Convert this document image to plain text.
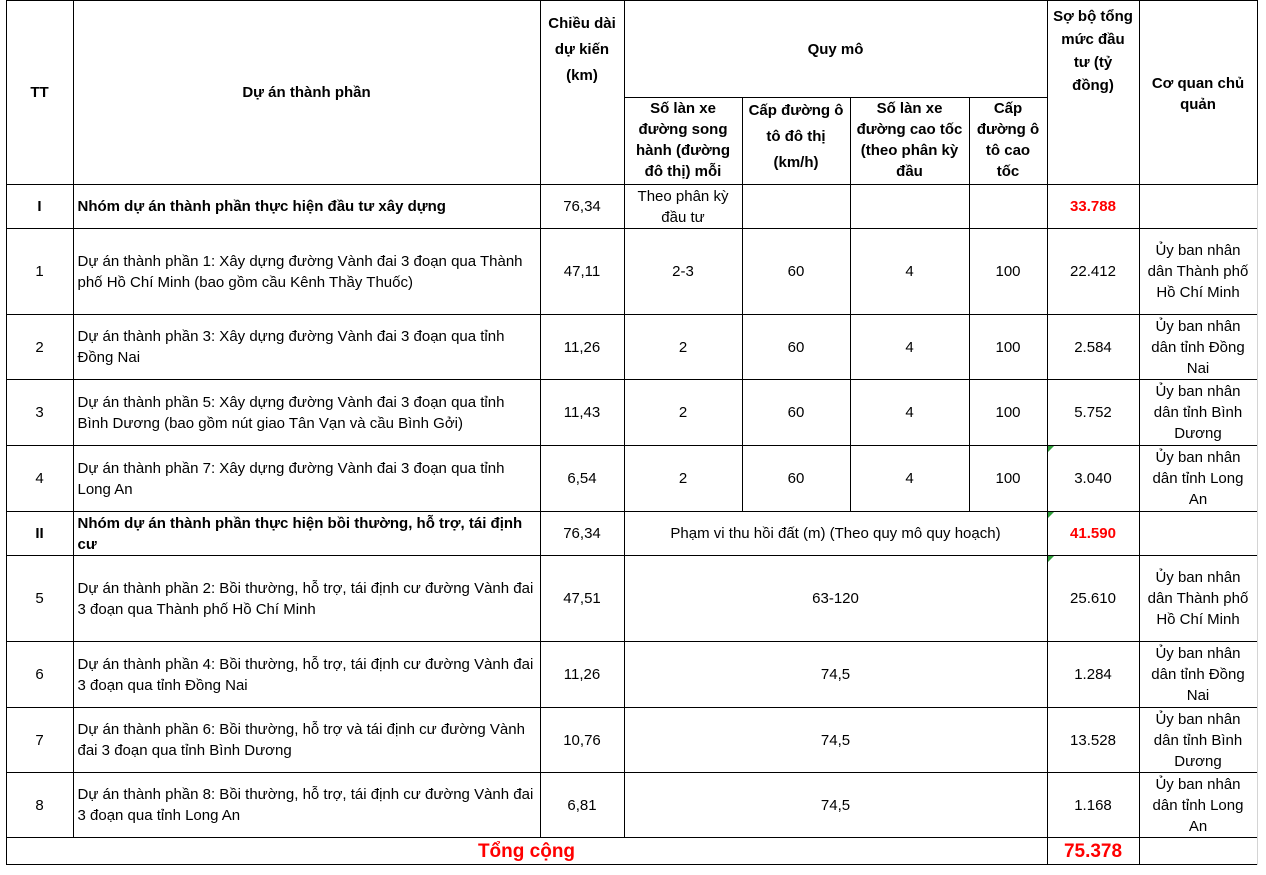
	TT	Dự án thành phần	Chiều dài dự kiến (km)	Quy mô				Sợ bộ tổng mức đầu tư (tỷ đồng)	Cơ quan chủ quản	
				Số làn xe đường song hành (đường đô thị) mỗi	Cấp đường ô tô đô thị (km/h)	Số làn xe đường cao tốc (theo phân kỳ đầu	Cấp đường ô tô cao tốc			
	I	Nhóm dự án thành phần thực hiện đầu tư xây dựng	76,34	Theo phân kỳ đầu tư				33.788		
	1	Dự án thành phần 1: Xây dựng đường Vành đai 3 đoạn qua Thành phố Hồ Chí Minh (bao gồm cầu Kênh Thầy Thuốc)	47,11	2-3	60	4	100	22.412	Ủy ban nhân dân Thành phố Hồ Chí Minh	
	2	Dự án thành phần 3: Xây dựng đường Vành đai 3 đoạn qua tỉnh Đồng Nai	11,26	2	60	4	100	2.584	Ủy ban nhân dân tỉnh Đồng Nai	
	3	Dự án thành phần 5: Xây dựng đường Vành đai 3 đoạn qua tỉnh Bình Dương (bao gồm nút giao Tân Vạn và cầu Bình Gởi)	11,43	2	60	4	100	5.752	Ủy ban nhân dân tỉnh Bình Dương	
	4	Dự án thành phần 7: Xây dựng đường Vành đai 3 đoạn qua tỉnh Long An	6,54	2	60	4	100	3.040	Ủy ban nhân dân tỉnh Long An	
	II	Nhóm dự án thành phần thực hiện bồi thường, hỗ trợ, tái định cư	76,34	Phạm vi thu hồi đất (m) (Theo quy mô quy hoạch)				41.590		
	5	Dự án thành phần 2: Bồi thường, hỗ trợ, tái định cư đường Vành đai 3 đoạn qua Thành phố Hồ Chí Minh	47,51	63-120				25.610	Ủy ban nhân dân Thành phố Hồ Chí Minh	
	6	Dự án thành phần 4: Bồi thường, hỗ trợ, tái định cư đường Vành đai 3 đoạn qua tỉnh Đồng Nai	11,26	74,5				1.284	Ủy ban nhân dân tỉnh Đồng Nai	
	7	Dự án thành phần 6: Bồi thường, hỗ trợ và tái định cư đường Vành đai 3 đoạn qua tỉnh Bình Dương	10,76	74,5				13.528	Ủy ban nhân dân tỉnh Bình Dương	
	8	Dự án thành phần 8: Bồi thường, hỗ trợ, tái định cư đường Vành đai 3 đoạn qua tỉnh Long An	6,81	74,5				1.168	Ủy ban nhân dân tỉnh Long An	
	Tổng cộng							75.378		
